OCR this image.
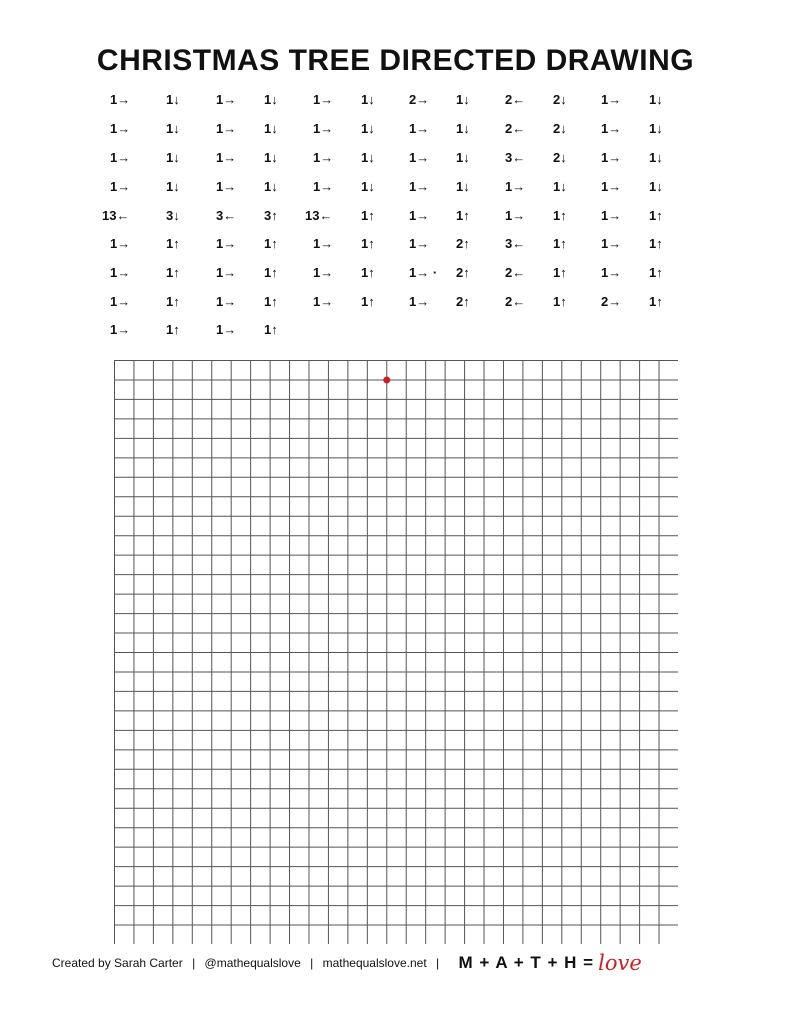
CHRISTMAS TREE DIRECTED DRAWING
1→	1↓	1→ 1↓	1→ 1↓	2→ 1↓	2← 2↓	1→ 1↓
1→	1↓	1→ 1↓	1→ 1↓	1→ 1↓	2← 2↓	1→ 1↓
1→	1↓	1→ 1↓	1→ 1↓	1→ 1↓	3← 2↓	1→ 1↓
1→	1↓	1→ 1↓	1→ 1↓	1→ 1↓	1→ 1↓	1→ 1↓
13←	3↓	3← 3↑ 13← 1↑	1→ 1↑	1→ 1↑	1→ 1↑
1→	1↑	1→ 1↑	1→ 1↑	1→ 2↑	3← 1↑	1→ 1↑
1→	1↑	1→ 1↑	1→ 1↑	1→ · 2↑	2← 1↑	1→ 1↑
1→	1↑	1→ 1↑	1→ 1↑	1→ 2↑	2← 1↑	2→ 1↑
1→	1↑	1→ 1↑
Created by Sarah Carter | @mathequalslove | mathequalslove.net | M + A + T + H = love
